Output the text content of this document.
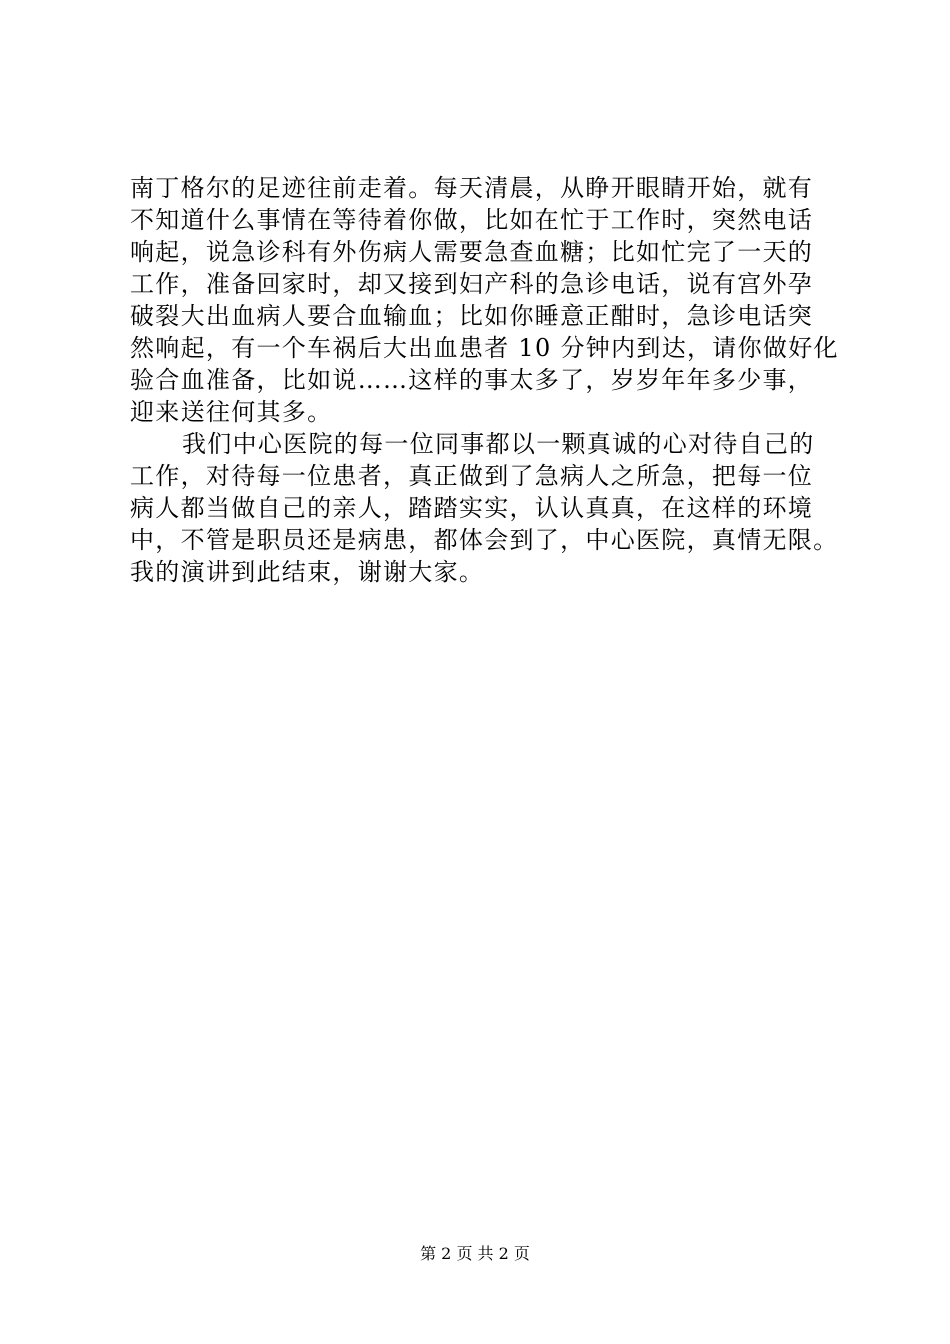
南丁格尔的足迹往前走着。每天清晨，从睁开眼睛开始，就有
不知道什么事情在等待着你做，比如在忙于工作时，突然电话
响起，说急诊科有外伤病人需要急查血糖；比如忙完了一天的
工作，准备回家时，却又接到妇产科的急诊电话，说有宫外孕
破裂大出血病人要合血输血；比如你睡意正酣时，急诊电话突
然响起，有一个车祸后大出血患者 10 分钟内到达，请你做好化
验合血准备，比如说……这样的事太多了，岁岁年年多少事，
迎来送往何其多。
我们中心医院的每一位同事都以一颗真诚的心对待自己的
工作，对待每一位患者，真正做到了急病人之所急，把每一位
病人都当做自己的亲人，踏踏实实，认认真真，在这样的环境
中，不管是职员还是病患，都体会到了，中心医院，真情无限。
我的演讲到此结束，谢谢大家。
第 2 页 共 2 页
